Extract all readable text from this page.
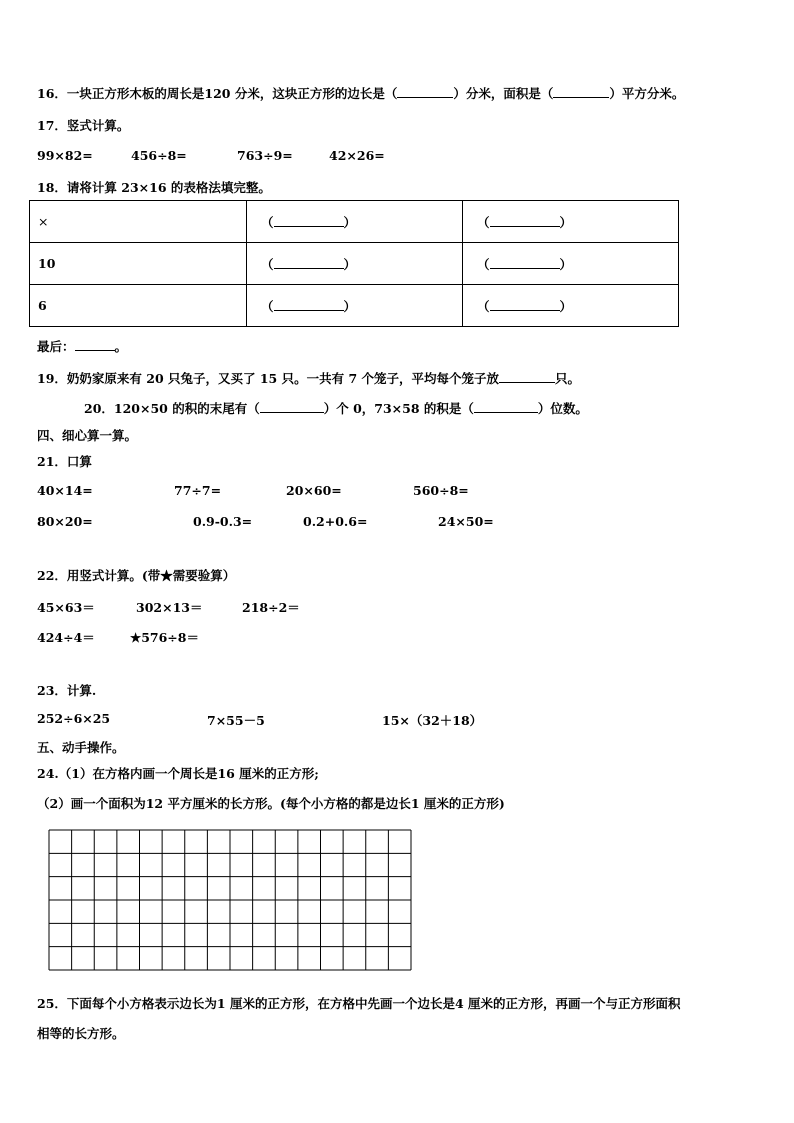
16．一块正方形木板的周长是120 分米，这块正方形的边长是（	）分米，面积是（	）平方分米。
17．竖式计算。
99×82=	456÷8=	763÷9=	42×26=
18．请将计算 23×16 的表格法填完整。
×	（ ）	（ ）
10	（ ）	（ ）
6	（ ）	（ ）
最后：	。
19．奶奶家原来有 20 只兔子，又买了 15 只。一共有 7 个笼子，平均每个笼子放	只。
20．120×50 的积的末尾有（	）个 0，73×58 的积是（	）位数。
四、细心算一算。
21．口算
40×14=	77÷7=	20×60=	560÷8=
80×20=	0.9-0.3=	0.2+0.6=	24×50=
22．用竖式计算。(带★需要验算）
45×63＝	302×13＝	218÷2＝
424÷4＝	★576÷8＝
23．计算.
252÷6×25	7×55－5	15×（32＋18）
五、动手操作。
24.（1）在方格内画一个周长是16 厘米的正方形;
（2）画一个面积为12 平方厘米的长方形。(每个小方格的都是边长1 厘米的正方形)
25．下面每个小方格表示边长为1 厘米的正方形，在方格中先画一个边长是4 厘米的正方形，再画一个与正方形面积
相等的长方形。
